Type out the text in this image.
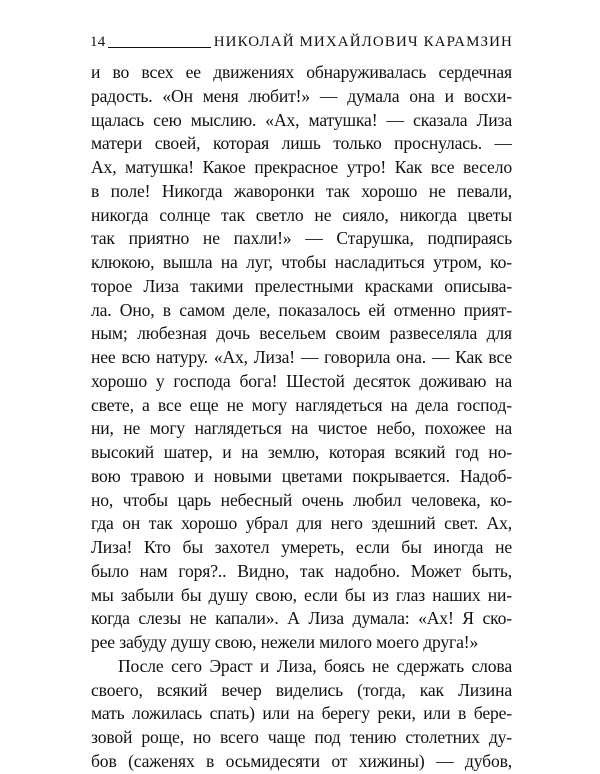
14	НИКОЛАЙ МИХАЙЛОВИЧ КАРАМЗИН
и во всех ее движениях обнаруживалась сердечная
радость. «Он меня любит!» — думала она и восхи-
щалась сею мыслию. «Ах, матушка! — сказала Лиза
матери своей, которая лишь только проснулась. —
Ах, матушка! Какое прекрасное утро! Как все весело
в поле! Никогда жаворонки так хорошо не певали,
никогда солнце так светло не сияло, никогда цветы
так приятно не пахли!» — Старушка, подпираясь
клюкою, вышла на луг, чтобы насладиться утром, ко-
торое Лиза такими прелестными красками описыва-
ла. Оно, в самом деле, показалось ей отменно прият-
ным; любезная дочь весельем своим развеселяла для
нее всю натуру. «Ах, Лиза! — говорила она. — Как все
хорошо у господа бога! Шестой десяток доживаю на
свете, а все еще не могу наглядеться на дела господ-
ни, не могу наглядеться на чистое небо, похожее на
высокий шатер, и на землю, которая всякий год но-
вою травою и новыми цветами покрывается. Надоб-
но, чтобы царь небесный очень любил человека, ко-
гда он так хорошо убрал для него здешний свет. Ах,
Лиза! Кто бы захотел умереть, если бы иногда не
было нам горя?.. Видно, так надобно. Может быть,
мы забыли бы душу свою, если бы из глаз наших ни-
когда слезы не капали». А Лиза думала: «Ах! Я ско-
рее забуду душу свою, нежели милого моего друга!»
После сего Эраст и Лиза, боясь не сдержать слова
своего, всякий вечер виделись (тогда, как Лизина
мать ложилась спать) или на берегу реки, или в бере-
зовой роще, но всего чаще под тению столетних ду-
бов (саженях в осьмидесяти от хижины) — дубов,
